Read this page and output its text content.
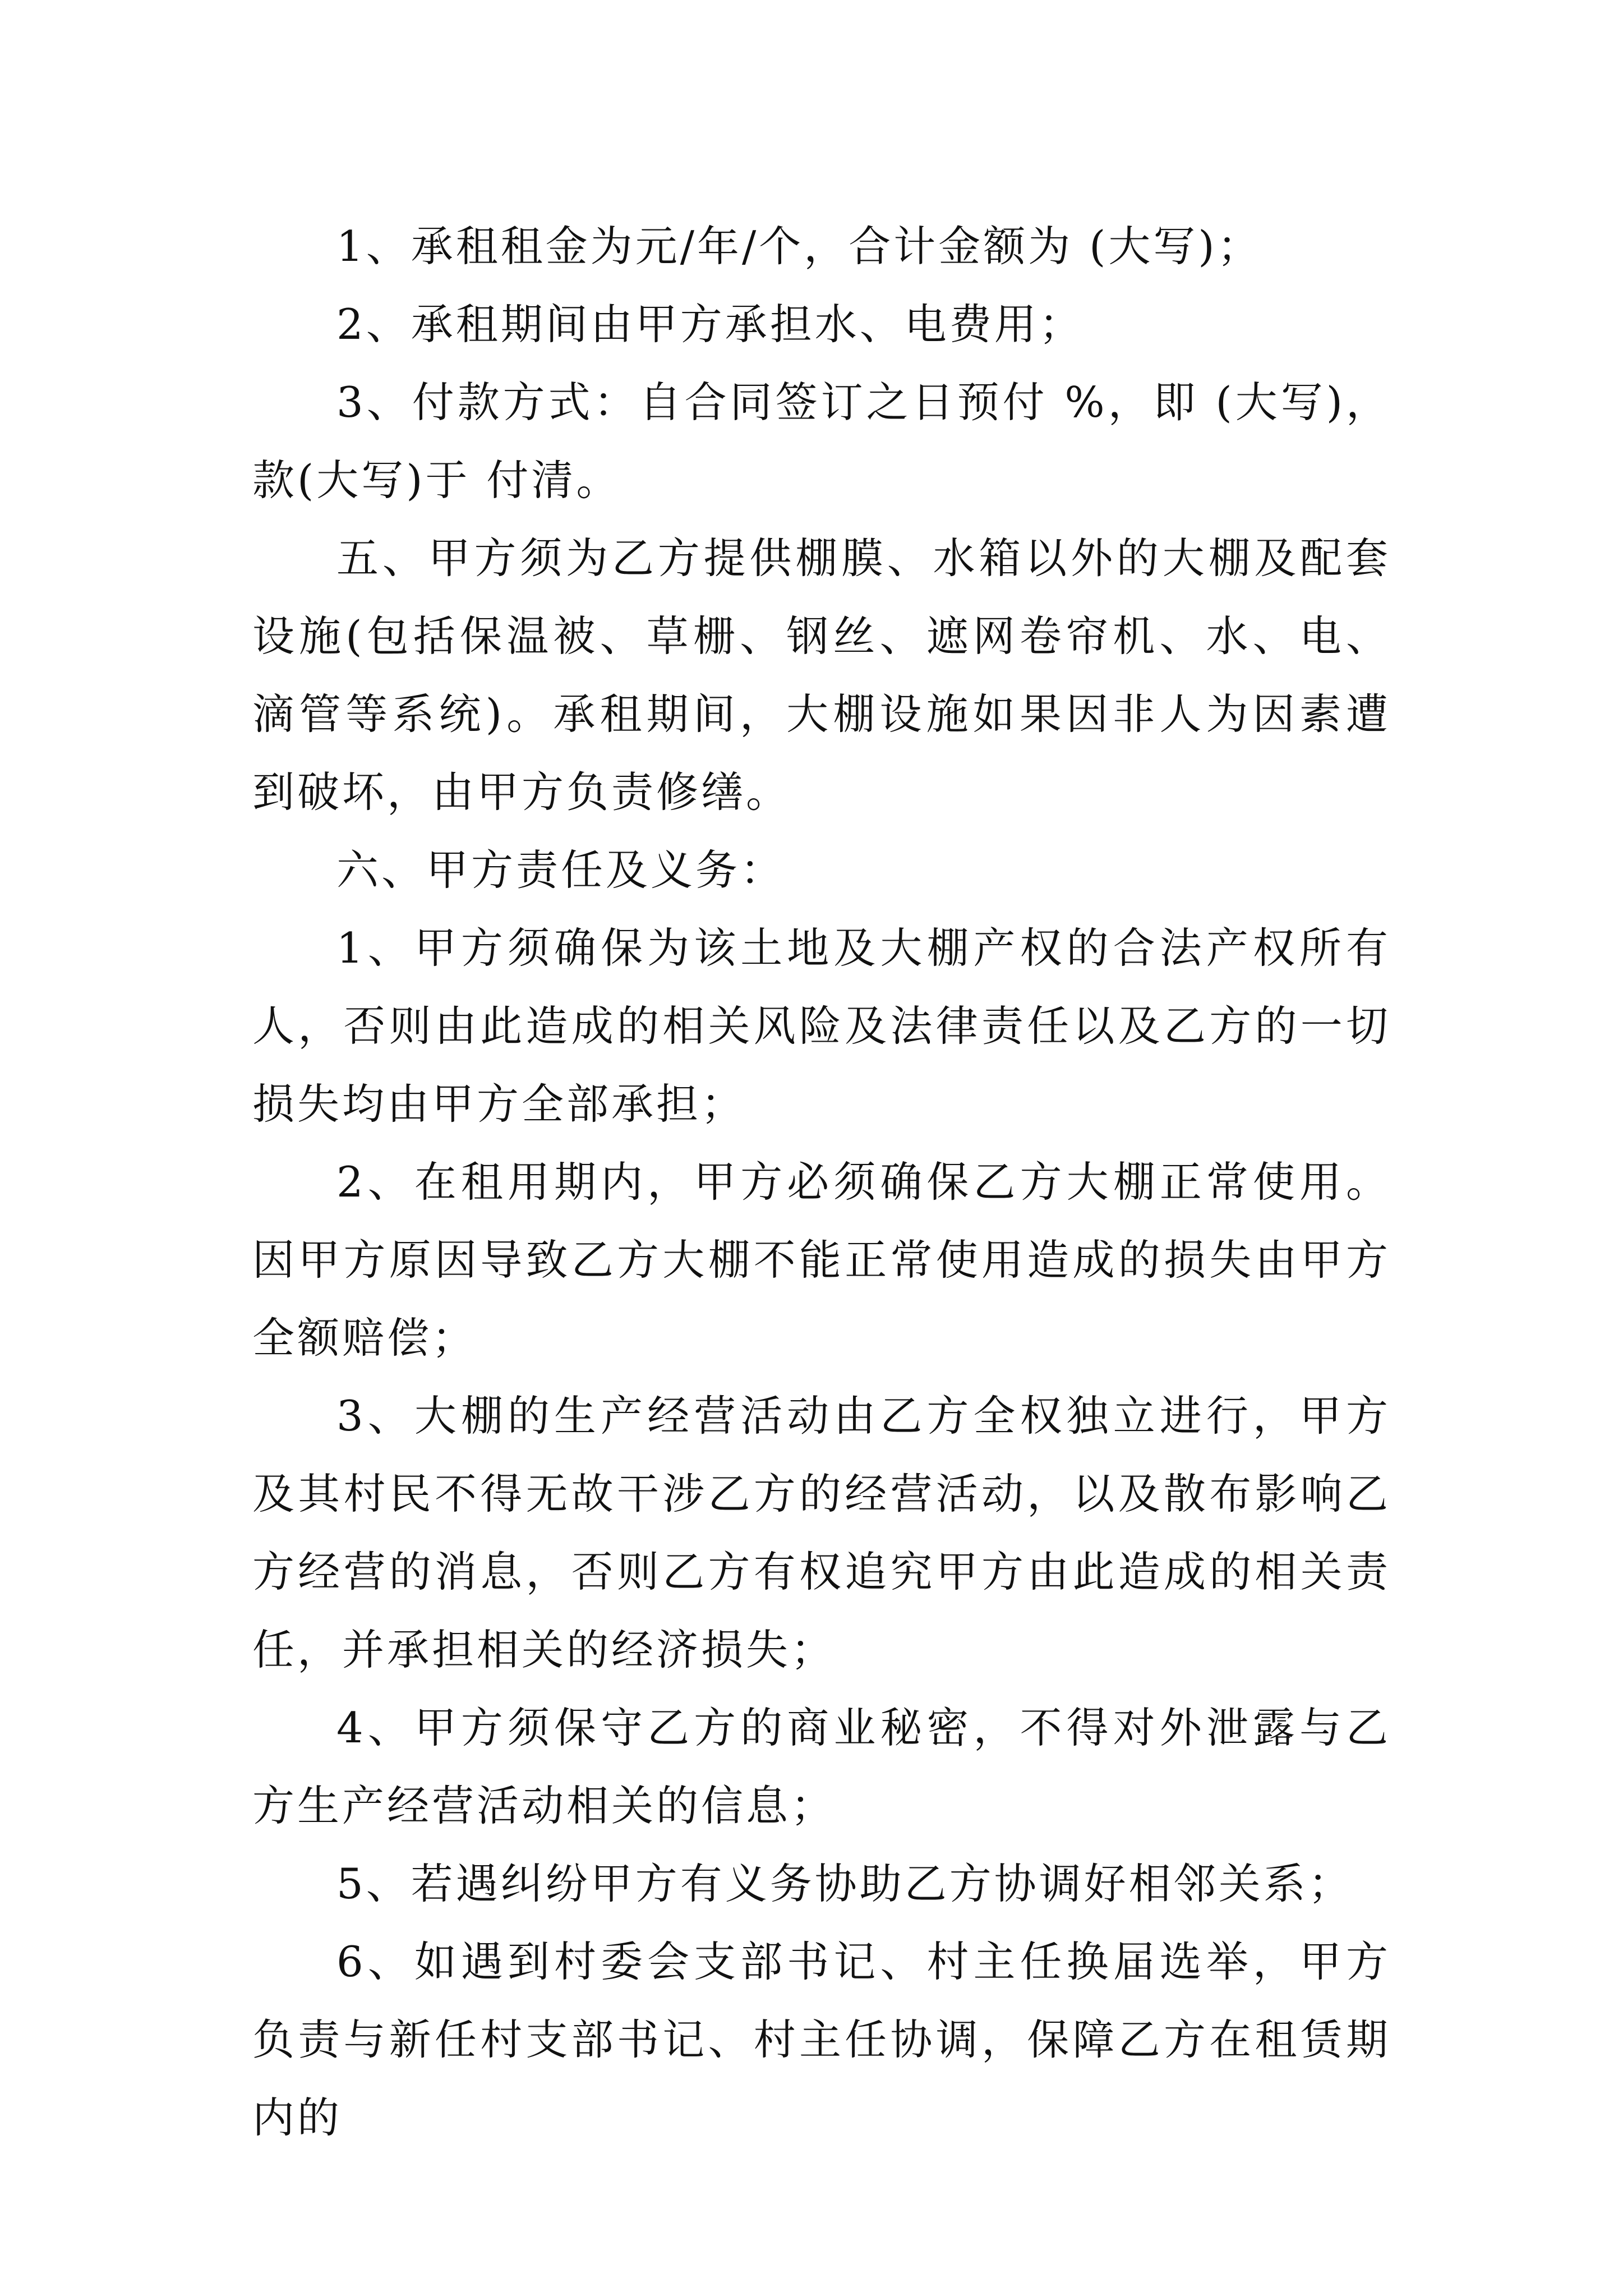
1、承租租金为元/年/个，合计金额为 (大写)；

2、承租期间由甲方承担水、电费用；

3、付款方式：自合同签订之日预付 %，即 (大写)，款(大写)于 付清。

五、甲方须为乙方提供棚膜、水箱以外的大棚及配套设施(包括保温被、草栅、钢丝、遮网卷帘机、水、电、滴管等系统)。承租期间，大棚设施如果因非人为因素遭到破坏，由甲方负责修缮。

六、甲方责任及义务：

1、甲方须确保为该土地及大棚产权的合法产权所有人，否则由此造成的相关风险及法律责任以及乙方的一切损失均由甲方全部承担；

2、在租用期内，甲方必须确保乙方大棚正常使用。因甲方原因导致乙方大棚不能正常使用造成的损失由甲方全额赔偿；

3、大棚的生产经营活动由乙方全权独立进行，甲方及其村民不得无故干涉乙方的经营活动，以及散布影响乙方经营的消息，否则乙方有权追究甲方由此造成的相关责任，并承担相关的经济损失；

4、甲方须保守乙方的商业秘密，不得对外泄露与乙方生产经营活动相关的信息；

5、若遇纠纷甲方有义务协助乙方协调好相邻关系；

6、如遇到村委会支部书记、村主任换届选举，甲方负责与新任村支部书记、村主任协调，保障乙方在租赁期内的
